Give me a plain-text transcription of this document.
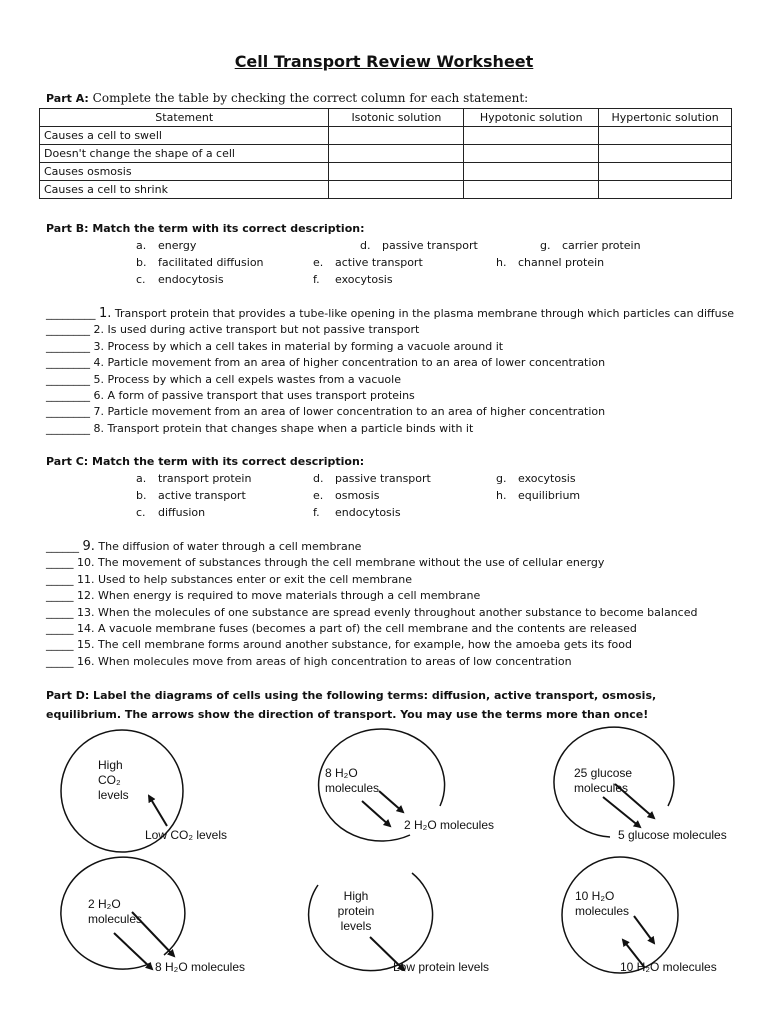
Cell Transport Review Worksheet
Part A: Complete the table by checking the correct column for each statement:
Statement	Isotonic solution	Hypotonic solution	Hypertonic solution
Causes a cell to swell			
Doesn't change the shape of a cell			
Causes osmosis			
Causes a cell to shrink			
Part B: Match the term with its correct description:
a. energy
b. facilitated diffusion
c. endocytosis
d. passive transport
e. active transport
f. exocytosis
g. carrier protein
h. channel protein
_________ 1. Transport protein that provides a tube-like opening in the plasma membrane through which particles can diffuse
________ 2. Is used during active transport but not passive transport
________ 3. Process by which a cell takes in material by forming a vacuole around it
________ 4. Particle movement from an area of higher concentration to an area of lower concentration
________ 5. Process by which a cell expels wastes from a vacuole
________ 6. A form of passive transport that uses transport proteins
________ 7. Particle movement from an area of lower concentration to an area of higher concentration
________ 8. Transport protein that changes shape when a particle binds with it
Part C: Match the term with its correct description:
a. transport protein
b. active transport
c. diffusion
d. passive transport
e. osmosis
f. endocytosis
g. exocytosis
h. equilibrium
______ 9. The diffusion of water through a cell membrane
_____ 10. The movement of substances through the cell membrane without the use of cellular energy
_____ 11. Used to help substances enter or exit the cell membrane
_____ 12. When energy is required to move materials through a cell membrane
_____ 13. When the molecules of one substance are spread evenly throughout another substance to become balanced
_____ 14. A vacuole membrane fuses (becomes a part of) the cell membrane and the contents are released
_____ 15. The cell membrane forms around another substance, for example, how the amoeba gets its food
_____ 16. When molecules move from areas of high concentration to areas of low concentration
Part D: Label the diagrams of cells using the following terms: diffusion, active transport, osmosis,
equilibrium. The arrows show the direction of transport. You may use the terms more than once!
High
CO₂
levels
Low CO₂ levels
8 H₂O
molecules
2 H₂O molecules
25 glucose
molecules
5 glucose molecules
2 H₂O
molecules
8 H₂O molecules
High
protein
levels
Low protein levels
10 H₂O
molecules
10 H₂O molecules
